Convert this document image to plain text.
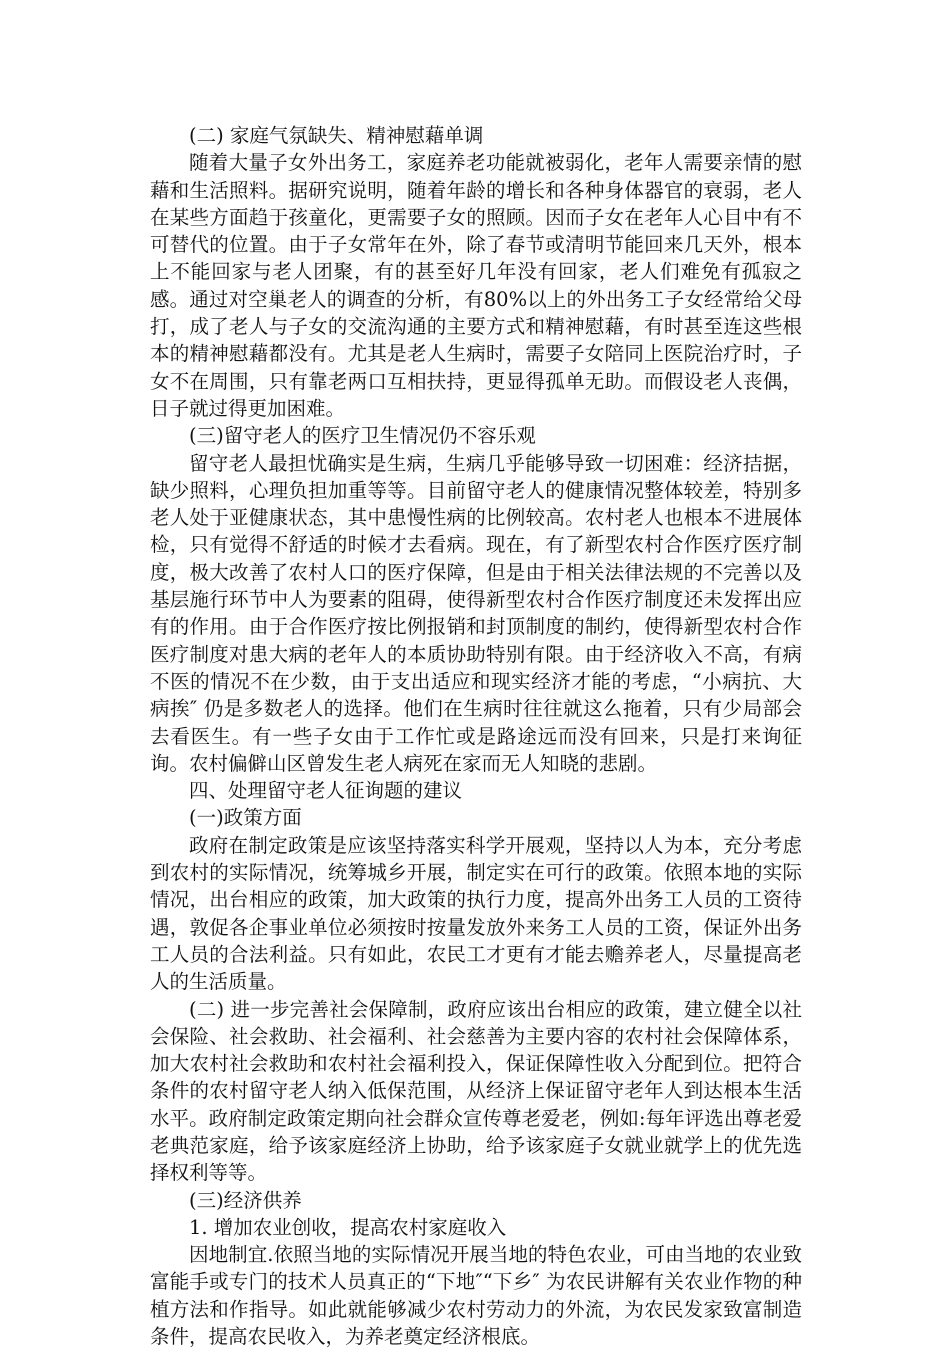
(二) 家庭气氛缺失、精神慰藉单调

随着大量子女外出务工，家庭养老功能就被弱化，老年人需要亲情的慰藉和生活照料。据研究说明，随着年龄的增长和各种身体器官的衰弱，老人在某些方面趋于孩童化，更需要子女的照顾。因而子女在老年人心目中有不可替代的位置。由于子女常年在外，除了春节或清明节能回来几天外，根本上不能回家与老人团聚，有的甚至好几年没有回家，老人们难免有孤寂之感。通过对空巢老人的调查的分析，有80%以上的外出务工子女经常给父母打，成了老人与子女的交流沟通的主要方式和精神慰藉，有时甚至连这些根本的精神慰藉都没有。尤其是老人生病时，需要子女陪同上医院治疗时，子女不在周围，只有靠老两口互相扶持，更显得孤单无助。而假设老人丧偶，日子就过得更加困难。

(三)留守老人的医疗卫生情况仍不容乐观

留守老人最担忧确实是生病，生病几乎能够导致一切困难：经济拮据，缺少照料，心理负担加重等等。目前留守老人的健康情况整体较差，特别多老人处于亚健康状态，其中患慢性病的比例较高。农村老人也根本不进展体检，只有觉得不舒适的时候才去看病。现在，有了新型农村合作医疗医疗制度，极大改善了农村人口的医疗保障，但是由于相关法律法规的不完善以及基层施行环节中人为要素的阻碍，使得新型农村合作医疗制度还未发挥出应有的作用。由于合作医疗按比例报销和封顶制度的制约，使得新型农村合作医疗制度对患大病的老年人的本质协助特别有限。由于经济收入不高，有病不医的情况不在少数，由于支出适应和现实经济才能的考虑，“小病抗、大病挨″ 仍是多数老人的选择。他们在生病时往往就这么拖着，只有少局部会去看医生。有一些子女由于工作忙或是路途远而没有回来，只是打来询征询。农村偏僻山区曾发生老人病死在家而无人知晓的悲剧。

四、处理留守老人征询题的建议

(一)政策方面

政府在制定政策是应该坚持落实科学开展观，坚持以人为本，充分考虑到农村的实际情况，统筹城乡开展，制定实在可行的政策。依照本地的实际情况，出台相应的政策，加大政策的执行力度，提高外出务工人员的工资待遇，敦促各企事业单位必须按时按量发放外来务工人员的工资，保证外出务工人员的合法利益。只有如此，农民工才更有才能去赡养老人，尽量提高老人的生活质量。

(二) 进一步完善社会保障制，政府应该出台相应的政策，建立健全以社会保险、社会救助、社会福利、社会慈善为主要内容的农村社会保障体系，加大农村社会救助和农村社会福利投入，保证保障性收入分配到位。把符合条件的农村留守老人纳入低保范围，从经济上保证留守老年人到达根本生活水平。政府制定政策定期向社会群众宣传尊老爱老，例如:每年评选出尊老爱老典范家庭，给予该家庭经济上协助，给予该家庭子女就业就学上的优先选择权利等等。

(三)经济供养

1. 增加农业创收，提高农村家庭收入

因地制宜.依照当地的实际情况开展当地的特色农业，可由当地的农业致富能手或专门的技术人员真正的“下地″“下乡″ 为农民讲解有关农业作物的种植方法和作指导。如此就能够减少农村劳动力的外流，为农民发家致富制造条件，提高农民收入，为养老奠定经济根底。
